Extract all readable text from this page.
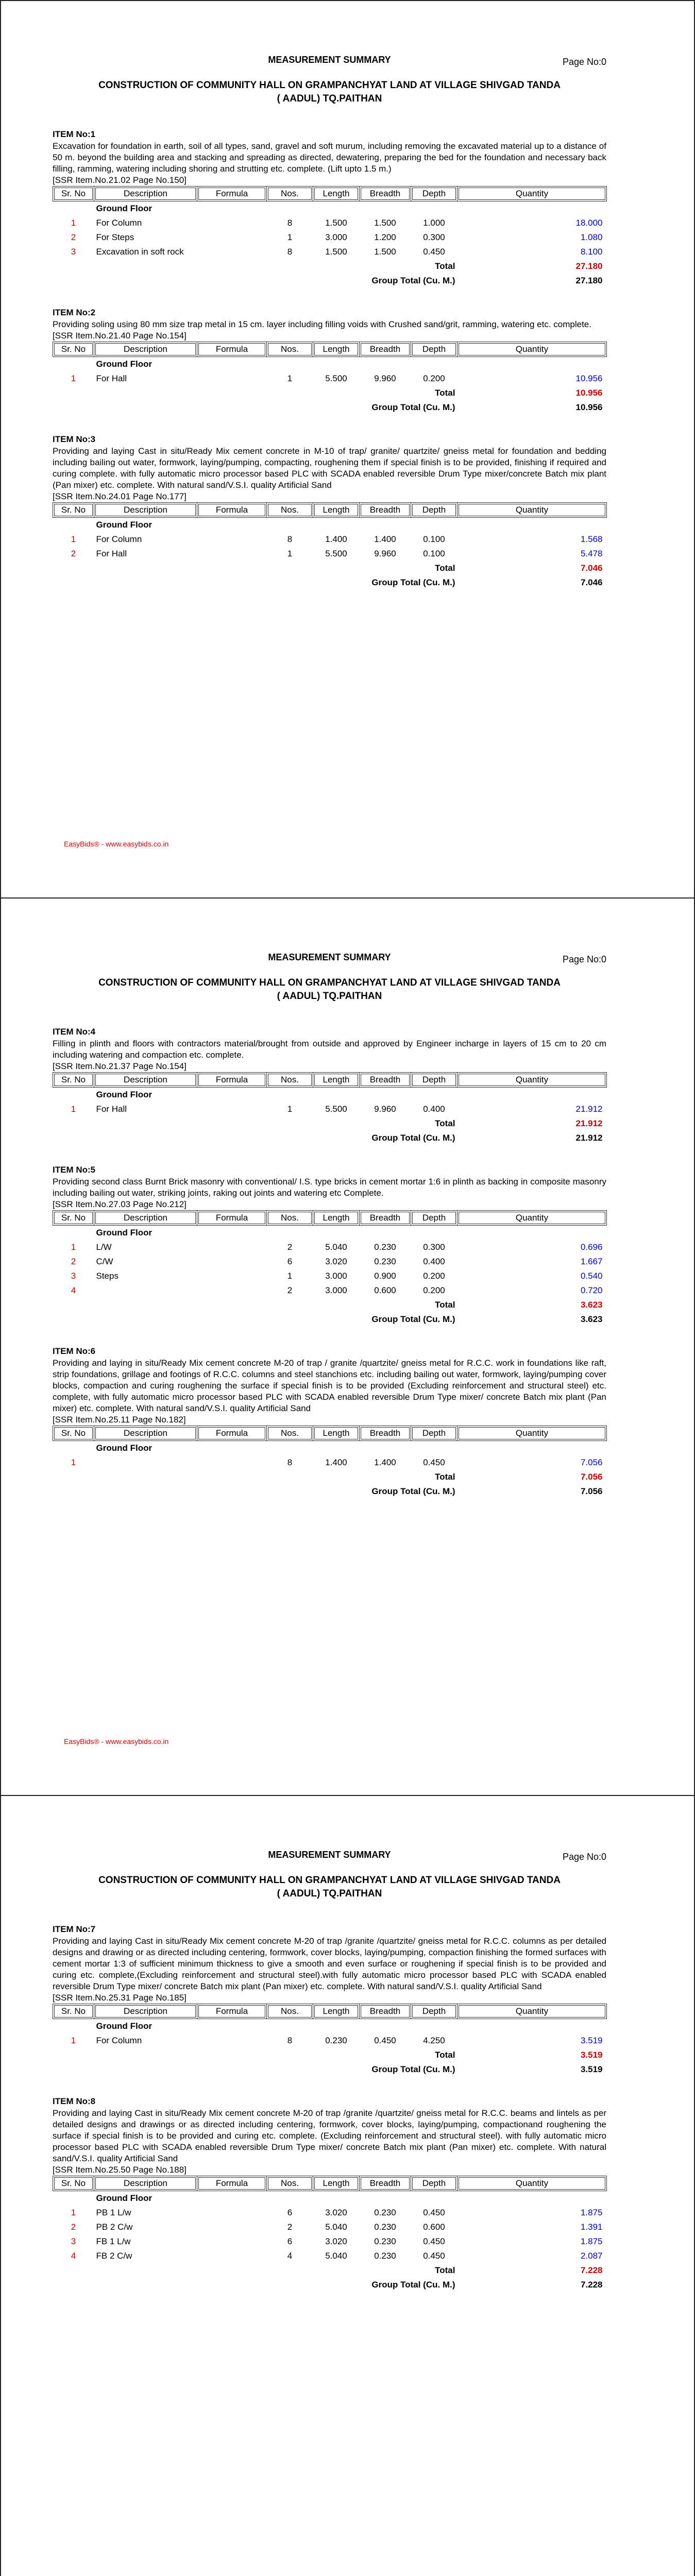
MEASUREMENT SUMMARY	Page No:0
CONSTRUCTION OF COMMUNITY HALL ON GRAMPANCHYAT LAND AT VILLAGE SHIVGAD TANDA
( AADUL) TQ.PAITHAN
ITEM No:1
Excavation for foundation in earth, soil of all types, sand, gravel and soft murum, including removing the excavated material up to a distance of 50 m. beyond the building area and stacking and spreading as directed, dewatering, preparing the bed for the foundation and necessary back filling, ramming, watering including shoring and strutting etc. complete. (Lift upto 1.5 m.)
[SSR Item.No.21.02 Page No.150]
Sr. No	Description	Formula	Nos.	Length	Breadth	Depth	Quantity
	Ground Floor						
1	For Column		8	1.500	1.500	1.000	18.000
2	For Steps		1	3.000	1.200	0.300	1.080
3	Excavation in soft rock		8	1.500	1.500	0.450	8.100
Total							27.180
Group Total (Cu. M.)							27.180
ITEM No:2
Providing soling using 80 mm size trap metal in 15 cm. layer including filling voids with Crushed sand/grit, ramming, watering etc. complete.
[SSR Item.No.21.40 Page No.154]
Sr. No	Description	Formula	Nos.	Length	Breadth	Depth	Quantity
	Ground Floor						
1	For Hall		1	5.500	9.960	0.200	10.956
Total							10.956
Group Total (Cu. M.)							10.956
ITEM No:3
Providing and laying Cast in situ/Ready Mix cement concrete in M-10 of trap/ granite/ quartzite/ gneiss metal for foundation and bedding including bailing out water, formwork, laying/pumping, compacting, roughening them if special finish is to be provided, finishing if required and curing complete. with fully automatic micro processor based PLC with SCADA enabled reversible Drum Type mixer/concrete Batch mix plant (Pan mixer) etc. complete. With natural sand/V.S.I. quality Artificial Sand
[SSR Item.No.24.01 Page No.177]
Sr. No	Description	Formula	Nos.	Length	Breadth	Depth	Quantity
	Ground Floor						
1	For Column		8	1.400	1.400	0.100	1.568
2	For Hall		1	5.500	9.960	0.100	5.478
Total							7.046
Group Total (Cu. M.)							7.046
EasyBids® - www.easybids.co.in
MEASUREMENT SUMMARY	Page No:0
CONSTRUCTION OF COMMUNITY HALL ON GRAMPANCHYAT LAND AT VILLAGE SHIVGAD TANDA
( AADUL) TQ.PAITHAN
ITEM No:4
Filling in plinth and floors with contractors material/brought from outside and approved by Engineer incharge in layers of 15 cm to 20 cm including watering and compaction etc. complete.
[SSR Item.No.21.37 Page No.154]
Sr. No	Description	Formula	Nos.	Length	Breadth	Depth	Quantity
	Ground Floor						
1	For Hall		1	5.500	9.960	0.400	21.912
Total							21.912
Group Total (Cu. M.)							21.912
ITEM No:5
Providing second class Burnt Brick masonry with conventional/ I.S. type bricks in cement mortar 1:6 in plinth as backing in composite masonry including bailing out water, striking joints, raking out joints and watering etc Complete.
[SSR Item.No.27.03 Page No.212]
Sr. No	Description	Formula	Nos.	Length	Breadth	Depth	Quantity
	Ground Floor						
1	L/W		2	5.040	0.230	0.300	0.696
2	C/W		6	3.020	0.230	0.400	1.667
3	Steps		1	3.000	0.900	0.200	0.540
4			2	3.000	0.600	0.200	0.720
Total							3.623
Group Total (Cu. M.)							3.623
ITEM No:6
Providing and laying in situ/Ready Mix cement concrete M-20 of trap / granite /quartzite/ gneiss metal for R.C.C. work in foundations like raft, strip foundations, grillage and footings of R.C.C. columns and steel stanchions etc. including bailing out water, formwork, laying/pumping cover blocks, compaction and curing roughening the surface if special finish is to be provided (Excluding reinforcement and structural steel) etc. complete, with fully automatic micro processor based PLC with SCADA enabled reversible Drum Type mixer/ concrete Batch mix plant (Pan mixer) etc. complete. With natural sand/V.S.I. quality Artificial Sand
[SSR Item.No.25.11 Page No.182]
Sr. No	Description	Formula	Nos.	Length	Breadth	Depth	Quantity
	Ground Floor						
1			8	1.400	1.400	0.450	7.056
Total							7.056
Group Total (Cu. M.)							7.056
EasyBids® - www.easybids.co.in
MEASUREMENT SUMMARY	Page No:0
CONSTRUCTION OF COMMUNITY HALL ON GRAMPANCHYAT LAND AT VILLAGE SHIVGAD TANDA
( AADUL) TQ.PAITHAN
ITEM No:7
Providing and laying Cast in situ/Ready Mix cement concrete M-20 of trap /granite /quartzite/ gneiss metal for R.C.C. columns as per detailed designs and drawing or as directed including centering, formwork, cover blocks, laying/pumping, compaction finishing the formed surfaces with cement mortar 1:3 of sufficient minimum thickness to give a smooth and even surface or roughening if special finish is to be provided and curing etc. complete,(Excluding reinforcement and structural steel).with fully automatic micro processor based PLC with SCADA enabled reversible Drum Type mixer/ concrete Batch mix plant (Pan mixer) etc. complete. With natural sand/V.S.I. quality Artificial Sand
[SSR Item.No.25.31 Page No.185]
Sr. No	Description	Formula	Nos.	Length	Breadth	Depth	Quantity
	Ground Floor						
1	For Column		8	0.230	0.450	4.250	3.519
Total							3.519
Group Total (Cu. M.)							3.519
ITEM No:8
Providing and laying Cast in situ/Ready Mix cement concrete M-20 of trap /granite /quartzite/ gneiss metal for R.C.C. beams and lintels as per detailed designs and drawings or as directed including centering, formwork, cover blocks, laying/pumping, compactionand roughening the surface if special finish is to be provided and curing etc. complete. (Excluding reinforcement and structural steel). with fully automatic micro processor based PLC with SCADA enabled reversible Drum Type mixer/ concrete Batch mix plant (Pan mixer) etc. complete. With natural sand/V.S.I. quality Artificial Sand
[SSR Item.No.25.50 Page No.188]
Sr. No	Description	Formula	Nos.	Length	Breadth	Depth	Quantity
	Ground Floor						
1	PB 1 L/w		6	3.020	0.230	0.450	1.875
2	PB 2 C/w		2	5.040	0.230	0.600	1.391
3	FB 1 L/w		6	3.020	0.230	0.450	1.875
4	FB 2 C/w		4	5.040	0.230	0.450	2.087
Total							7.228
Group Total (Cu. M.)							7.228
